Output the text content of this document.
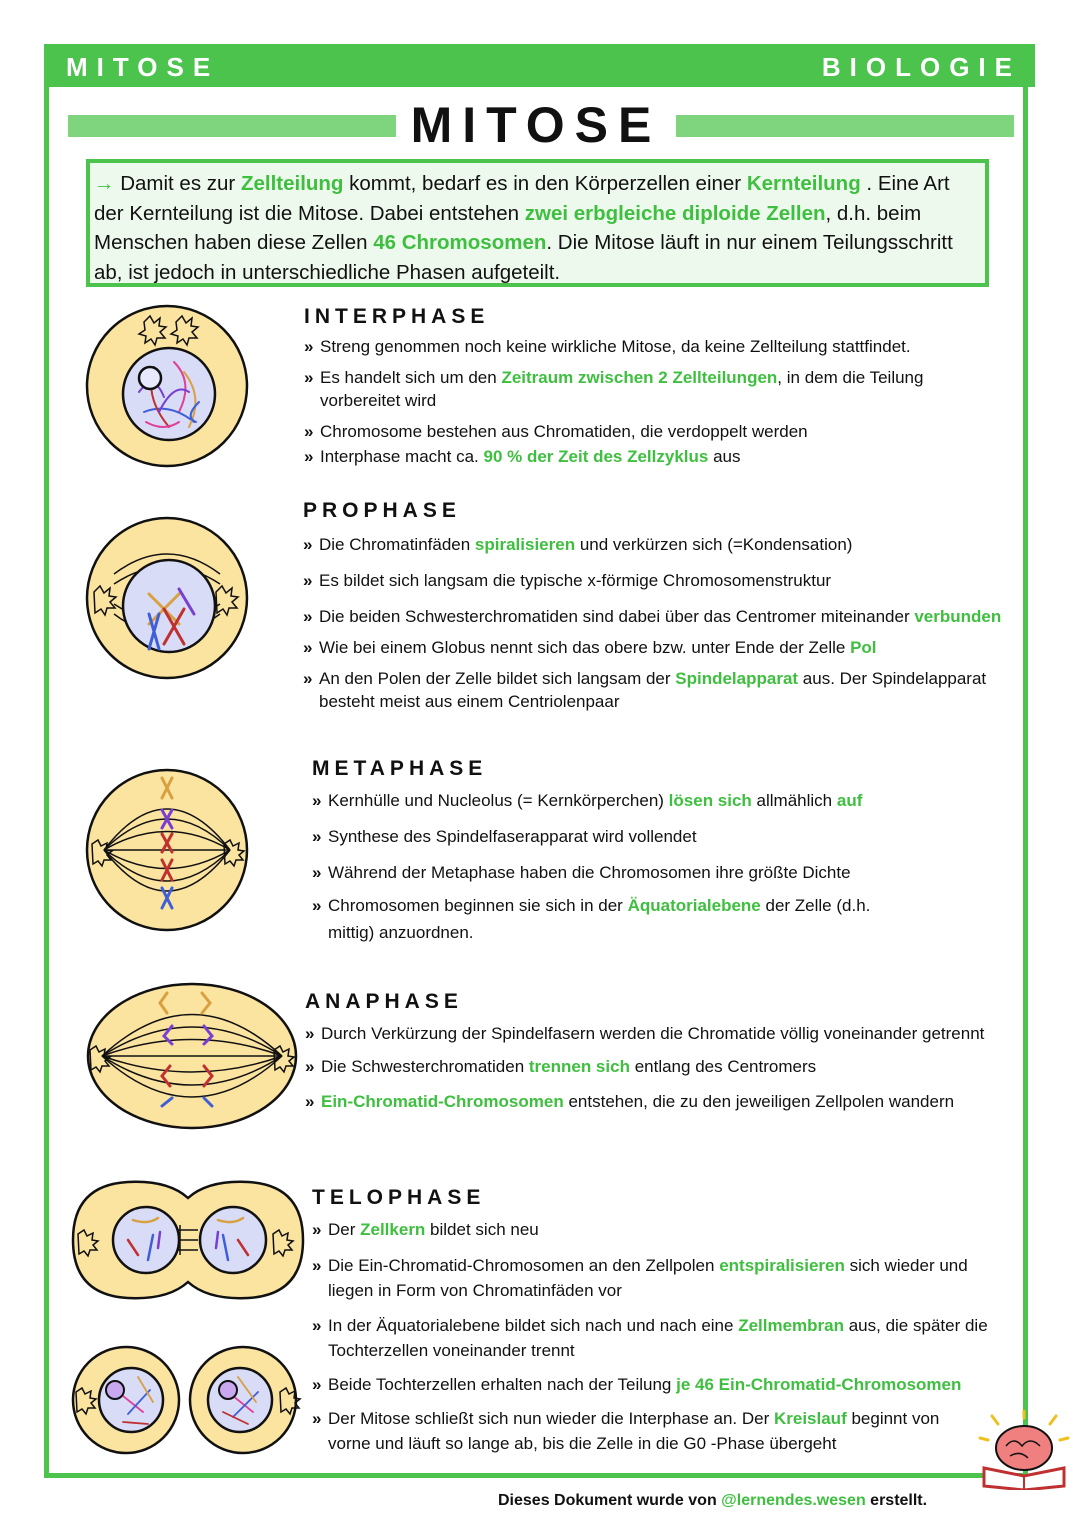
MITOSE	BIOLOGIE
MITOSE
→ Damit es zur Zellteilung kommt, bedarf es in den Körperzellen einer Kernteilung . Eine Art der Kernteilung ist die Mitose. Dabei entstehen zwei erbgleiche diploide Zellen, d.h. beim Menschen haben diese Zellen 46 Chromosomen. Die Mitose läuft in nur einem Teilungsschritt ab, ist jedoch in unterschiedliche Phasen aufgeteilt.
INTERPHASE
» Streng genommen noch keine wirkliche Mitose, da keine Zellteilung stattfindet.
» Es handelt sich um den Zeitraum zwischen 2 Zellteilungen, in dem die Teilung vorbereitet wird
» Chromosome bestehen aus Chromatiden, die verdoppelt werden
» Interphase macht ca. 90 % der Zeit des Zellzyklus aus
PROPHASE
» Die Chromatinfäden spiralisieren und verkürzen sich (=Kondensation)
» Es bildet sich langsam die typische x-förmige Chromosomenstruktur
» Die beiden Schwesterchromatiden sind dabei über das Centromer miteinander verbunden
» Wie bei einem Globus nennt sich das obere bzw. unter Ende der Zelle Pol
» An den Polen der Zelle bildet sich langsam der Spindelapparat aus. Der Spindelapparat besteht meist aus einem Centriolenpaar
METAPHASE
» Kernhülle und Nucleolus (= Kernkörperchen) lösen sich allmählich auf
» Synthese des Spindelfaserapparat wird vollendet
» Während der Metaphase haben die Chromosomen ihre größte Dichte
» Chromosomen beginnen sie sich in der Äquatorialebene der Zelle (d.h. mittig) anzuordnen.
ANAPHASE
» Durch Verkürzung der Spindelfasern werden die Chromatide völlig voneinander getrennt
» Die Schwesterchromatiden trennen sich entlang des Centromers
» Ein-Chromatid-Chromosomen entstehen, die zu den jeweiligen Zellpolen wandern
TELOPHASE
» Der Zellkern bildet sich neu
» Die Ein-Chromatid-Chromosomen an den Zellpolen entspiralisieren sich wieder und liegen in Form von Chromatinfäden vor
» In der Äquatorialebene bildet sich nach und nach eine Zellmembran aus, die später die Tochterzellen voneinander trennt
» Beide Tochterzellen erhalten nach der Teilung je 46 Ein-Chromatid-Chromosomen
» Der Mitose schließt sich nun wieder die Interphase an. Der Kreislauf beginnt von vorne und läuft so lange ab, bis die Zelle in die G0 -Phase übergeht
Dieses Dokument wurde von @lernendes.wesen erstellt.
